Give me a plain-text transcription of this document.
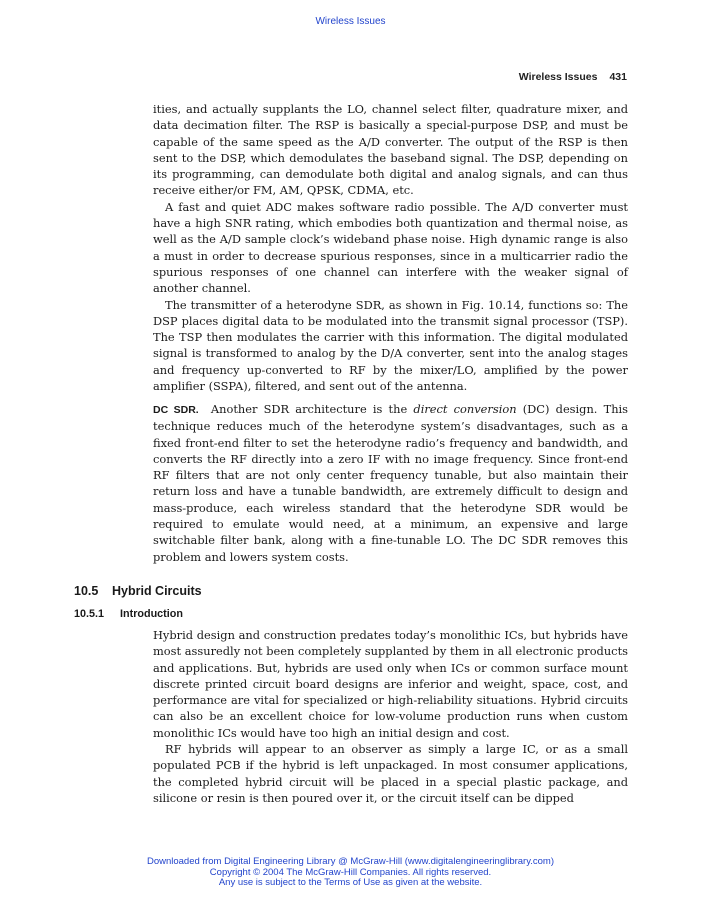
Wireless Issues
Wireless Issues 431

ities, and actually supplants the LO, channel select filter, quadrature mixer, and data decimation filter. The RSP is basically a special-purpose DSP, and must be capable of the same speed as the A/D converter. The output of the RSP is then sent to the DSP, which demodulates the baseband signal. The DSP, depending on its programming, can demodulate both digital and analog signals, and can thus receive either/or FM, AM, QPSK, CDMA, etc.

A fast and quiet ADC makes software radio possible. The A/D converter must have a high SNR rating, which embodies both quantization and thermal noise, as well as the A/D sample clock’s wideband phase noise. High dynamic range is also a must in order to decrease spurious responses, since in a multicarrier radio the spurious responses of one channel can interfere with the weaker signal of another channel.

The transmitter of a heterodyne SDR, as shown in Fig. 10.14, functions so: The DSP places digital data to be modulated into the transmit signal processor (TSP). The TSP then modulates the carrier with this information. The digital modulated signal is transformed to analog by the D/A converter, sent into the analog stages and frequency up-converted to RF by the mixer/LO, amplified by the power amplifier (SSPA), filtered, and sent out of the antenna.

DC SDR. Another SDR architecture is the direct conversion (DC) design. This technique reduces much of the heterodyne system’s disadvantages, such as a fixed front-end filter to set the heterodyne radio’s frequency and bandwidth, and converts the RF directly into a zero IF with no image frequency. Since front-end RF filters that are not only center frequency tunable, but also maintain their return loss and have a tunable bandwidth, are extremely difficult to design and mass-produce, each wireless standard that the heterodyne SDR would be required to emulate would need, at a minimum, an expensive and large switchable filter bank, along with a fine-tunable LO. The DC SDR removes this problem and lowers system costs.

10.5 Hybrid Circuits
10.5.1 Introduction

Hybrid design and construction predates today’s monolithic ICs, but hybrids have most assuredly not been completely supplanted by them in all electronic products and applications. But, hybrids are used only when ICs or common surface mount discrete printed circuit board designs are inferior and weight, space, cost, and performance are vital for specialized or high-reliability situations. Hybrid circuits can also be an excellent choice for low-volume production runs when custom monolithic ICs would have too high an initial design and cost.

RF hybrids will appear to an observer as simply a large IC, or as a small populated PCB if the hybrid is left unpackaged. In most consumer applications, the completed hybrid circuit will be placed in a special plastic package, and silicone or resin is then poured over it, or the circuit itself can be dipped

Downloaded from Digital Engineering Library @ McGraw-Hill (www.digitalengineeringlibrary.com)
Copyright © 2004 The McGraw-Hill Companies. All rights reserved.
Any use is subject to the Terms of Use as given at the website.
